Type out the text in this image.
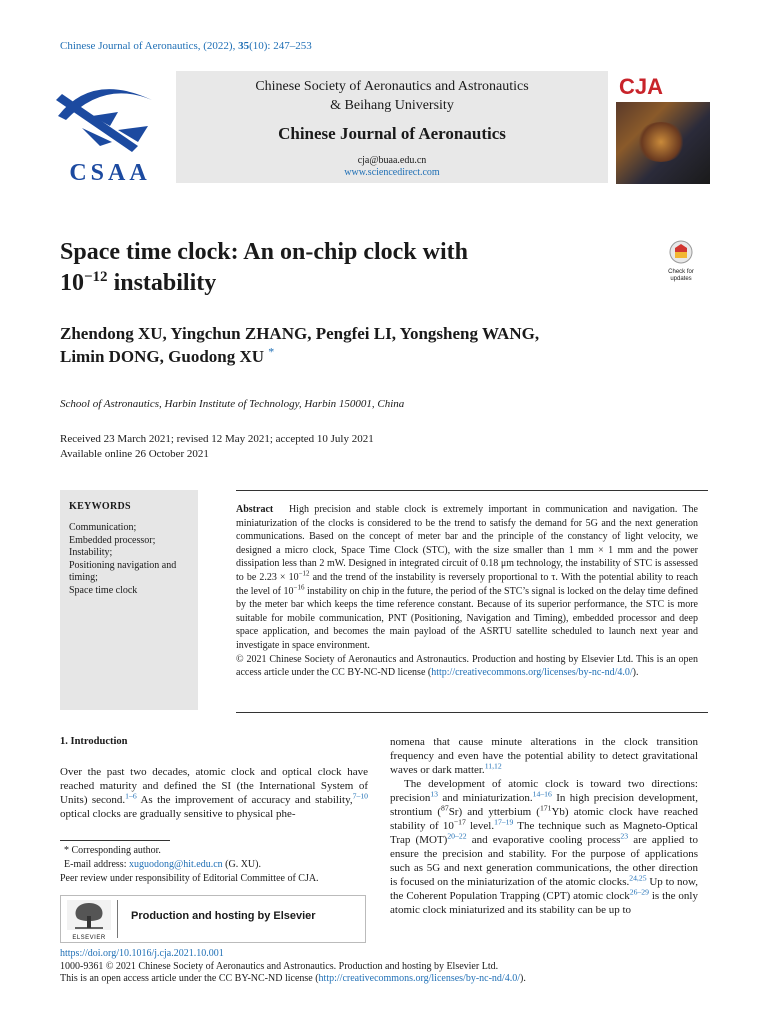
Chinese Journal of Aeronautics, (2022), 35(10): 247–253
CSAA
Chinese Society of Aeronautics and Astronautics
& Beihang University
Chinese Journal of Aeronautics
cja@buaa.edu.cn
www.sciencedirect.com
CJA
Check for updates
Space time clock: An on-chip clock with
$10^{-12}$ instability
Zhendong XU, Yingchun ZHANG, Pengfei LI, Yongsheng WANG,
Limin DONG, Guodong XU *
School of Astronautics, Harbin Institute of Technology, Harbin 150001, China
Received 23 March 2021; revised 12 May 2021; accepted 10 July 2021
Available online 26 October 2021
KEYWORDS
Communication;
Embedded processor;
Instability;
Positioning navigation and timing;
Space time clock
Abstract High precision and stable clock is extremely important in communication and navigation. The miniaturization of the clocks is considered to be the trend to satisfy the demand for 5G and the next generation communications. Based on the concept of meter bar and the principle of the constancy of light velocity, we designed a micro clock, Space Time Clock (STC), with the size smaller than 1 mm × 1 mm and the power dissipation less than 2 mW. Designed in integrated circuit of 0.18 μm technology, the instability of STC is assessed to be $2.23 \times 10^{-12}$ and the trend of the instability is reversely proportional to τ. With the potential ability to reach the level of $10^{-16}$ instability on chip in the future, the period of the STC’s signal is locked on the delay time defined by the meter bar which keeps the time reference constant. Because of its superior performance, the STC is more suitable for mobile communication, PNT (Positioning, Navigation and Timing), embedded processor and deep space application, and becomes the main payload of the ASRTU satellite scheduled to launch next year and investigate in space environment.
© 2021 Chinese Society of Aeronautics and Astronautics. Production and hosting by Elsevier Ltd. This is an open access article under the CC BY-NC-ND license (http://creativecommons.org/licenses/by-nc-nd/4.0/).
1. Introduction
Over the past two decades, atomic clock and optical clock have reached maturity and defined the SI (the International System of Units) second.$^{1-6}$ As the improvement of accuracy and stability,$^{7-10}$ optical clocks are gradually sensitive to physical phe-
nomena that cause minute alterations in the clock transition frequency and even have the potential ability to detect gravitational waves or dark matter.$^{11,12}$
The development of atomic clock is toward two directions: precision$^{13}$ and miniaturization.$^{14-16}$ In high precision development, strontium ($^{87}$Sr) and ytterbium ($^{171}$Yb) atomic clock have reached stability of $10^{-17}$ level.$^{17-19}$ The technique such as Magneto-Optical Trap (MOT)$^{20-22}$ and evaporative cooling process$^{23}$ are applied to ensure the precision and stability. For the purpose of applications such as 5G and next generation communications, the other direction is focused on the miniaturization of the atomic clocks.$^{24,25}$ Up to now, the Coherent Population Trapping (CPT) atomic clock$^{26-29}$ is the only atomic clock miniaturized and its stability can be up to
* Corresponding author.
E-mail address: xuguodong@hit.edu.cn (G. XU).
Peer review under responsibility of Editorial Committee of CJA.
ELSEVIER
Production and hosting by Elsevier
https://doi.org/10.1016/j.cja.2021.10.001
1000-9361 © 2021 Chinese Society of Aeronautics and Astronautics. Production and hosting by Elsevier Ltd.
This is an open access article under the CC BY-NC-ND license (http://creativecommons.org/licenses/by-nc-nd/4.0/).
